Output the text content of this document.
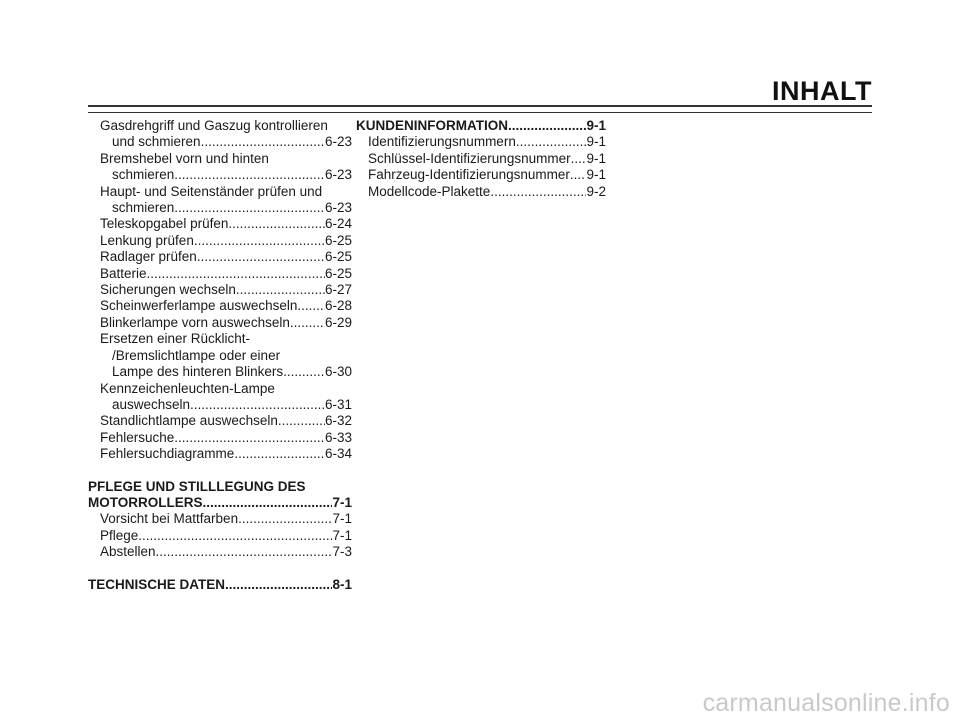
INHALT
Gasdrehgriff und Gaszug kontrollieren
und schmieren .....	6-23
Bremshebel vorn und hinten
schmieren .....	6-23
Haupt- und Seitenständer prüfen und
schmieren .....	6-23
Teleskopgabel prüfen .....	6-24
Lenkung prüfen .....	6-25
Radlager prüfen .....	6-25
Batterie .....	6-25
Sicherungen wechseln .....	6-27
Scheinwerferlampe auswechseln ..... 6-28
Blinkerlampe vorn auswechseln .....	6-29
Ersetzen einer Rücklicht-
/Bremslichtlampe oder einer
Lampe des hinteren Blinkers .....	6-30
Kennzeichenleuchten-Lampe
auswechseln .....	6-31
Standlichtlampe auswechseln .....	6-32
Fehlersuche .....	6-33
Fehlersuchdiagramme .....	6-34
PFLEGE UND STILLLEGUNG DES
MOTORROLLERS .....	7-1
Vorsicht bei Mattfarben .....	7-1
Pflege .....	7-1
Abstellen .....	7-3
TECHNISCHE DATEN .....	8-1
KUNDENINFORMATION .....	9-1
Identifizierungsnummern .....	9-1
Schlüssel-Identifizierungsnummer ..... 9-1
Fahrzeug-Identifizierungsnummer ..... 9-1
Modellcode-Plakette .....	9-2
carmanualsonline.info
